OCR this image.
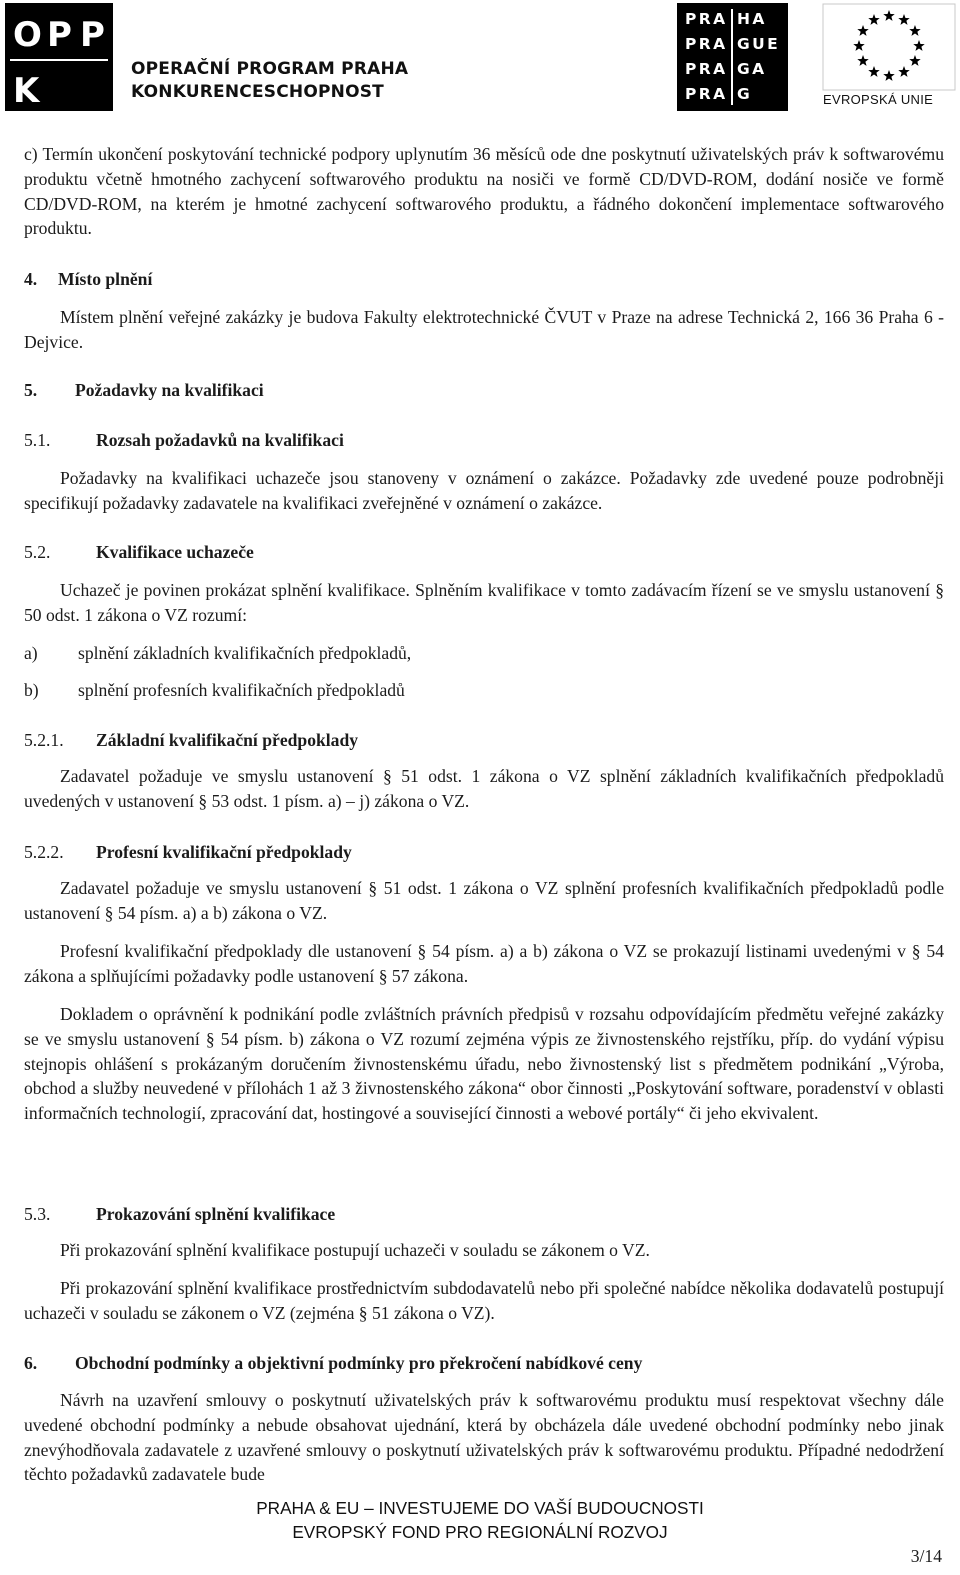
O P P
K
OPERAČNÍ PROGRAM PRAHA
KONKURENCESCHOPNOST
PRA HA
PRA GUE
PRA GA
PRA G	EVROPSKÁ UNIE
c) Termín ukončení poskytování technické podpory uplynutím 36 měsíců ode dne poskytnutí uživatelských práv k softwarovému produktu včetně hmotného zachycení softwarového produktu na nosiči ve formě CD/DVD-ROM, dodání nosiče ve formě CD/DVD-ROM, na kterém je hmotné zachycení softwarového produktu, a řádného dokončení implementace softwarového produktu.
4. Místo plnění
Místem plnění veřejné zakázky je budova Fakulty elektrotechnické ČVUT v Praze na adrese Technická 2, 166 36 Praha 6 - Dejvice.
5. Požadavky na kvalifikaci
5.1.	Rozsah požadavků na kvalifikaci
Požadavky na kvalifikaci uchazeče jsou stanoveny v oznámení o zakázce. Požadavky zde uvedené pouze podrobněji specifikují požadavky zadavatele na kvalifikaci zveřejněné v oznámení o zakázce.
5.2.	Kvalifikace uchazeče
Uchazeč je povinen prokázat splnění kvalifikace. Splněním kvalifikace v tomto zadávacím řízení se ve smyslu ustanovení § 50 odst. 1 zákona o VZ rozumí:
a) splnění základních kvalifikačních předpokladů,
b) splnění profesních kvalifikačních předpokladů
5.2.1. Základní kvalifikační předpoklady
Zadavatel požaduje ve smyslu ustanovení § 51 odst. 1 zákona o VZ splnění základních kvalifikačních předpokladů uvedených v ustanovení § 53 odst. 1 písm. a) – j) zákona o VZ.
5.2.2. Profesní kvalifikační předpoklady
Zadavatel požaduje ve smyslu ustanovení § 51 odst. 1 zákona o VZ splnění profesních kvalifikačních předpokladů podle ustanovení § 54 písm. a) a b) zákona o VZ.
Profesní kvalifikační předpoklady dle ustanovení § 54 písm. a) a b) zákona o VZ se prokazují listinami uvedenými v § 54 zákona a splňujícími požadavky podle ustanovení § 57 zákona.
Dokladem o oprávnění k podnikání podle zvláštních právních předpisů v rozsahu odpovídajícím předmětu veřejné zakázky se ve smyslu ustanovení § 54 písm. b) zákona o VZ rozumí zejména výpis ze živnostenského rejstříku, příp. do vydání výpisu stejnopis ohlášení s prokázaným doručením živnostenskému úřadu, nebo živnostenský list s předmětem podnikání „Výroba, obchod a služby neuvedené v přílohách 1 až 3 živnostenského zákona“ obor činnosti „Poskytování software, poradenství v oblasti informačních technologií, zpracování dat, hostingové a související činnosti a webové portály“ či jeho ekvivalent.
5.3.	Prokazování splnění kvalifikace
Při prokazování splnění kvalifikace postupují uchazeči v souladu se zákonem o VZ.
Při prokazování splnění kvalifikace prostřednictvím subdodavatelů nebo při společné nabídce několika dodavatelů postupují uchazeči v souladu se zákonem o VZ (zejména § 51 zákona o VZ).
6. Obchodní podmínky a objektivní podmínky pro překročení nabídkové ceny
Návrh na uzavření smlouvy o poskytnutí uživatelských práv k softwarovému produktu musí respektovat všechny dále uvedené obchodní podmínky a nebude obsahovat ujednání, která by obcházela dále uvedené obchodní podmínky nebo jinak znevýhodňovala zadavatele z uzavřené smlouvy o poskytnutí uživatelských práv k softwarovému produktu. Případné nedodržení těchto požadavků zadavatele bude
PRAHA & EU – INVESTUJEME DO VAŠÍ BUDOUCNOSTI
EVROPSKÝ FOND PRO REGIONÁLNÍ ROZVOJ
3/14
